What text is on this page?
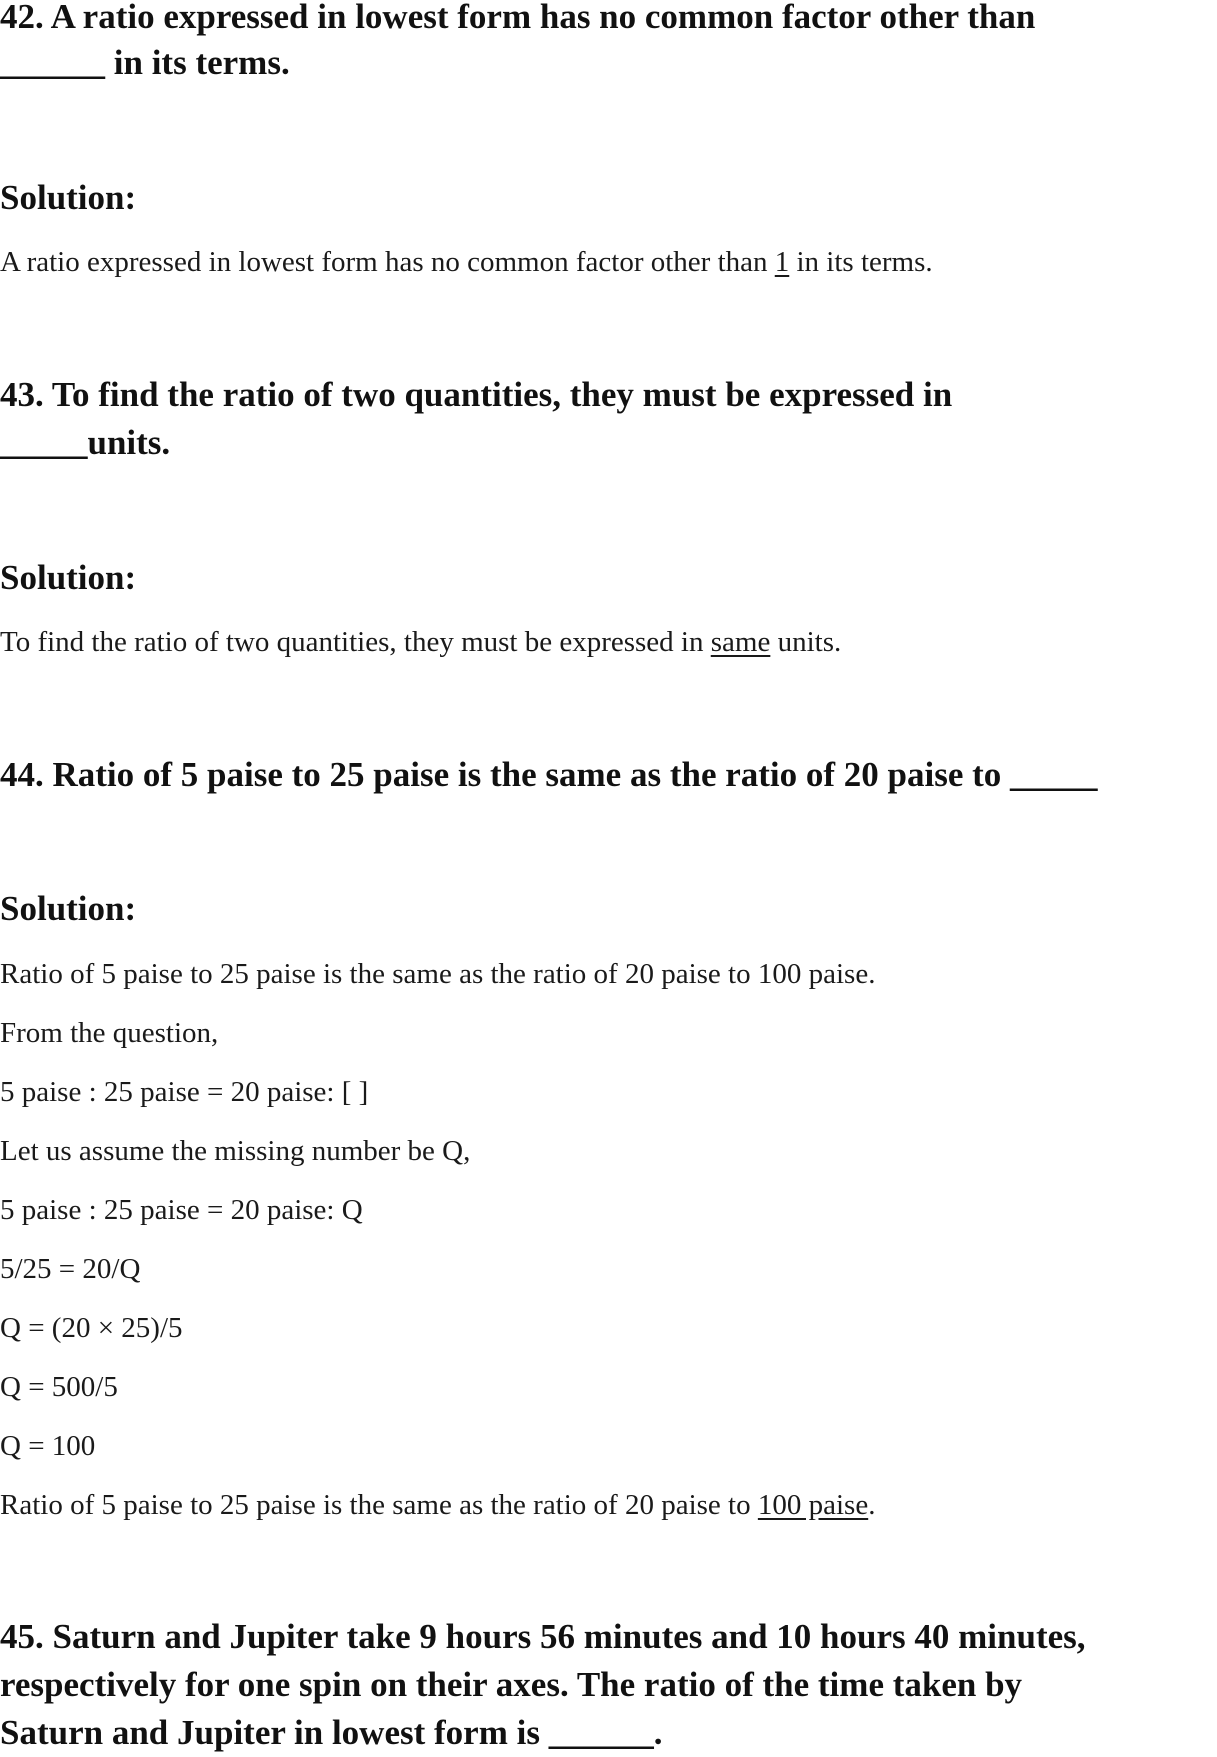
42. A ratio expressed in lowest form has no common factor other than
______ in its terms.
Solution:

A ratio expressed in lowest form has no common factor other than 1 in its terms.

43. To find the ratio of two quantities, they must be expressed in
_____units.
Solution:

To find the ratio of two quantities, they must be expressed in same units.

44. Ratio of 5 paise to 25 paise is the same as the ratio of 20 paise to _____
Solution:

Ratio of 5 paise to 25 paise is the same as the ratio of 20 paise to 100 paise.

From the question,

5 paise : 25 paise = 20 paise: [ ]

Let us assume the missing number be Q,

5 paise : 25 paise = 20 paise: Q

5/25 = 20/Q

Q = (20 × 25)/5

Q = 500/5

Q = 100

Ratio of 5 paise to 25 paise is the same as the ratio of 20 paise to 100 paise.

45. Saturn and Jupiter take 9 hours 56 minutes and 10 hours 40 minutes,
respectively for one spin on their axes. The ratio of the time taken by
Saturn and Jupiter in lowest form is ______.
